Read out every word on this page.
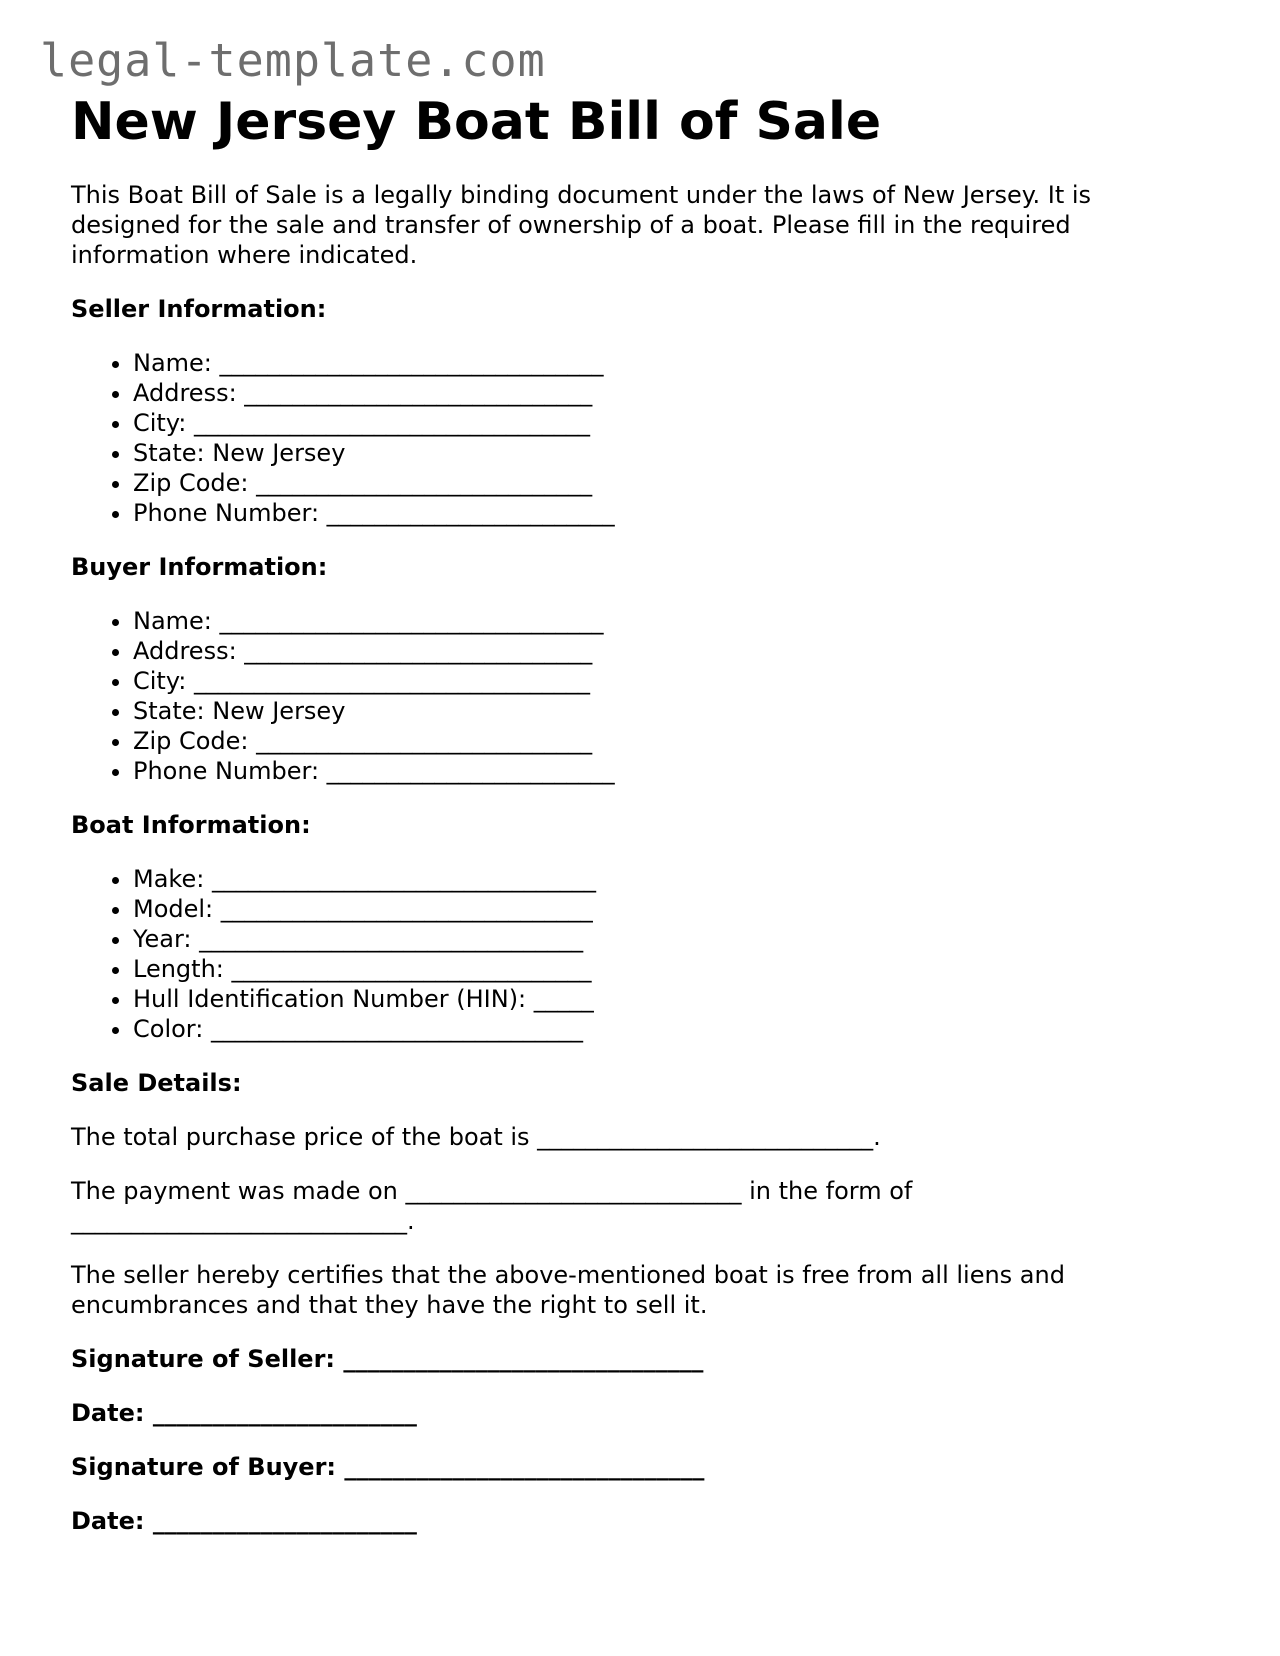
legal-template.com
New Jersey Boat Bill of Sale

This Boat Bill of Sale is a legally binding document under the laws of New Jersey. It is designed for the sale and transfer of ownership of a boat. Please fill in the required information where indicated.

Seller Information:
• Name: ________________________________
• Address: _____________________________
• City: _________________________________
• State: New Jersey
• Zip Code: ____________________________
• Phone Number: ________________________
Buyer Information:
• Name: ________________________________
• Address: _____________________________
• City: _________________________________
• State: New Jersey
• Zip Code: ____________________________
• Phone Number: ________________________
Boat Information:
• Make: ________________________________
• Model: _______________________________
• Year: ________________________________
• Length: ______________________________
• Hull Identification Number (HIN): _____
• Color: _______________________________
Sale Details:

The total purchase price of the boat is ____________________________.

The payment was made on ____________________________ in the form of ____________________________.

The seller hereby certifies that the above-mentioned boat is free from all liens and encumbrances and that they have the right to sell it.

Signature of Seller: ______________________________
Date: ______________________
Signature of Buyer: ______________________________
Date: ______________________
